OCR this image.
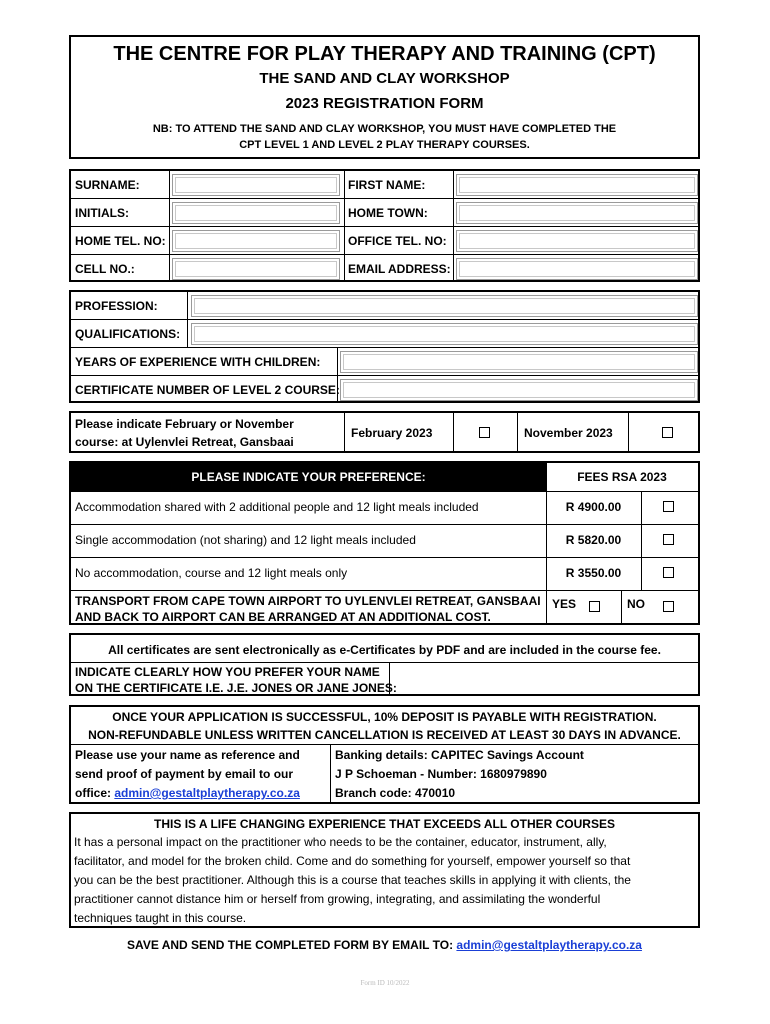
THE CENTRE FOR PLAY THERAPY AND TRAINING (CPT)
THE SAND AND CLAY WORKSHOP
2023 REGISTRATION FORM
NB: TO ATTEND THE SAND AND CLAY WORKSHOP, YOU MUST HAVE COMPLETED THE
CPT LEVEL 1 AND LEVEL 2 PLAY THERAPY COURSES.
SURNAME:	FIRST NAME:
INITIALS:	HOME TOWN:
HOME TEL. NO:	OFFICE TEL. NO:
CELL NO.:	EMAIL ADDRESS:
PROFESSION:
QUALIFICATIONS:
YEARS OF EXPERIENCE WITH CHILDREN:
CERTIFICATE NUMBER OF LEVEL 2 COURSE:
Please indicate February or November
course: at Uylenvlei Retreat, Gansbaai
February 2023	November 2023
PLEASE INDICATE YOUR PREFERENCE:	FEES RSA 2023
Accommodation shared with 2 additional people and 12 light meals included	R 4900.00
Single accommodation (not sharing) and 12 light meals included	R 5820.00
No accommodation, course and 12 light meals only	R 3550.00
TRANSPORT FROM CAPE TOWN AIRPORT TO UYLENVLEI RETREAT, GANSBAAI
AND BACK TO AIRPORT CAN BE ARRANGED AT AN ADDITIONAL COST.
YES	NO
All certificates are sent electronically as e-Certificates by PDF and are included in the course fee.
INDICATE CLEARLY HOW YOU PREFER YOUR NAME
ON THE CERTIFICATE I.E. J.E. JONES OR JANE JONES:
ONCE YOUR APPLICATION IS SUCCESSFUL, 10% DEPOSIT IS PAYABLE WITH REGISTRATION.
NON-REFUNDABLE UNLESS WRITTEN CANCELLATION IS RECEIVED AT LEAST 30 DAYS IN ADVANCE.
Please use your name as reference and
send proof of payment by email to our
office: admin@gestaltplaytherapy.co.za
Banking details: CAPITEC Savings Account
J P Schoeman - Number: 1680979890
Branch code: 470010
THIS IS A LIFE CHANGING EXPERIENCE THAT EXCEEDS ALL OTHER COURSES
It has a personal impact on the practitioner who needs to be the container, educator, instrument, ally,
facilitator, and model for the broken child. Come and do something for yourself, empower yourself so that
you can be the best practitioner. Although this is a course that teaches skills in applying it with clients, the
practitioner cannot distance him or herself from growing, integrating, and assimilating the wonderful
techniques taught in this course.
SAVE AND SEND THE COMPLETED FORM BY EMAIL TO: admin@gestaltplaytherapy.co.za
Form ID 10/2022
